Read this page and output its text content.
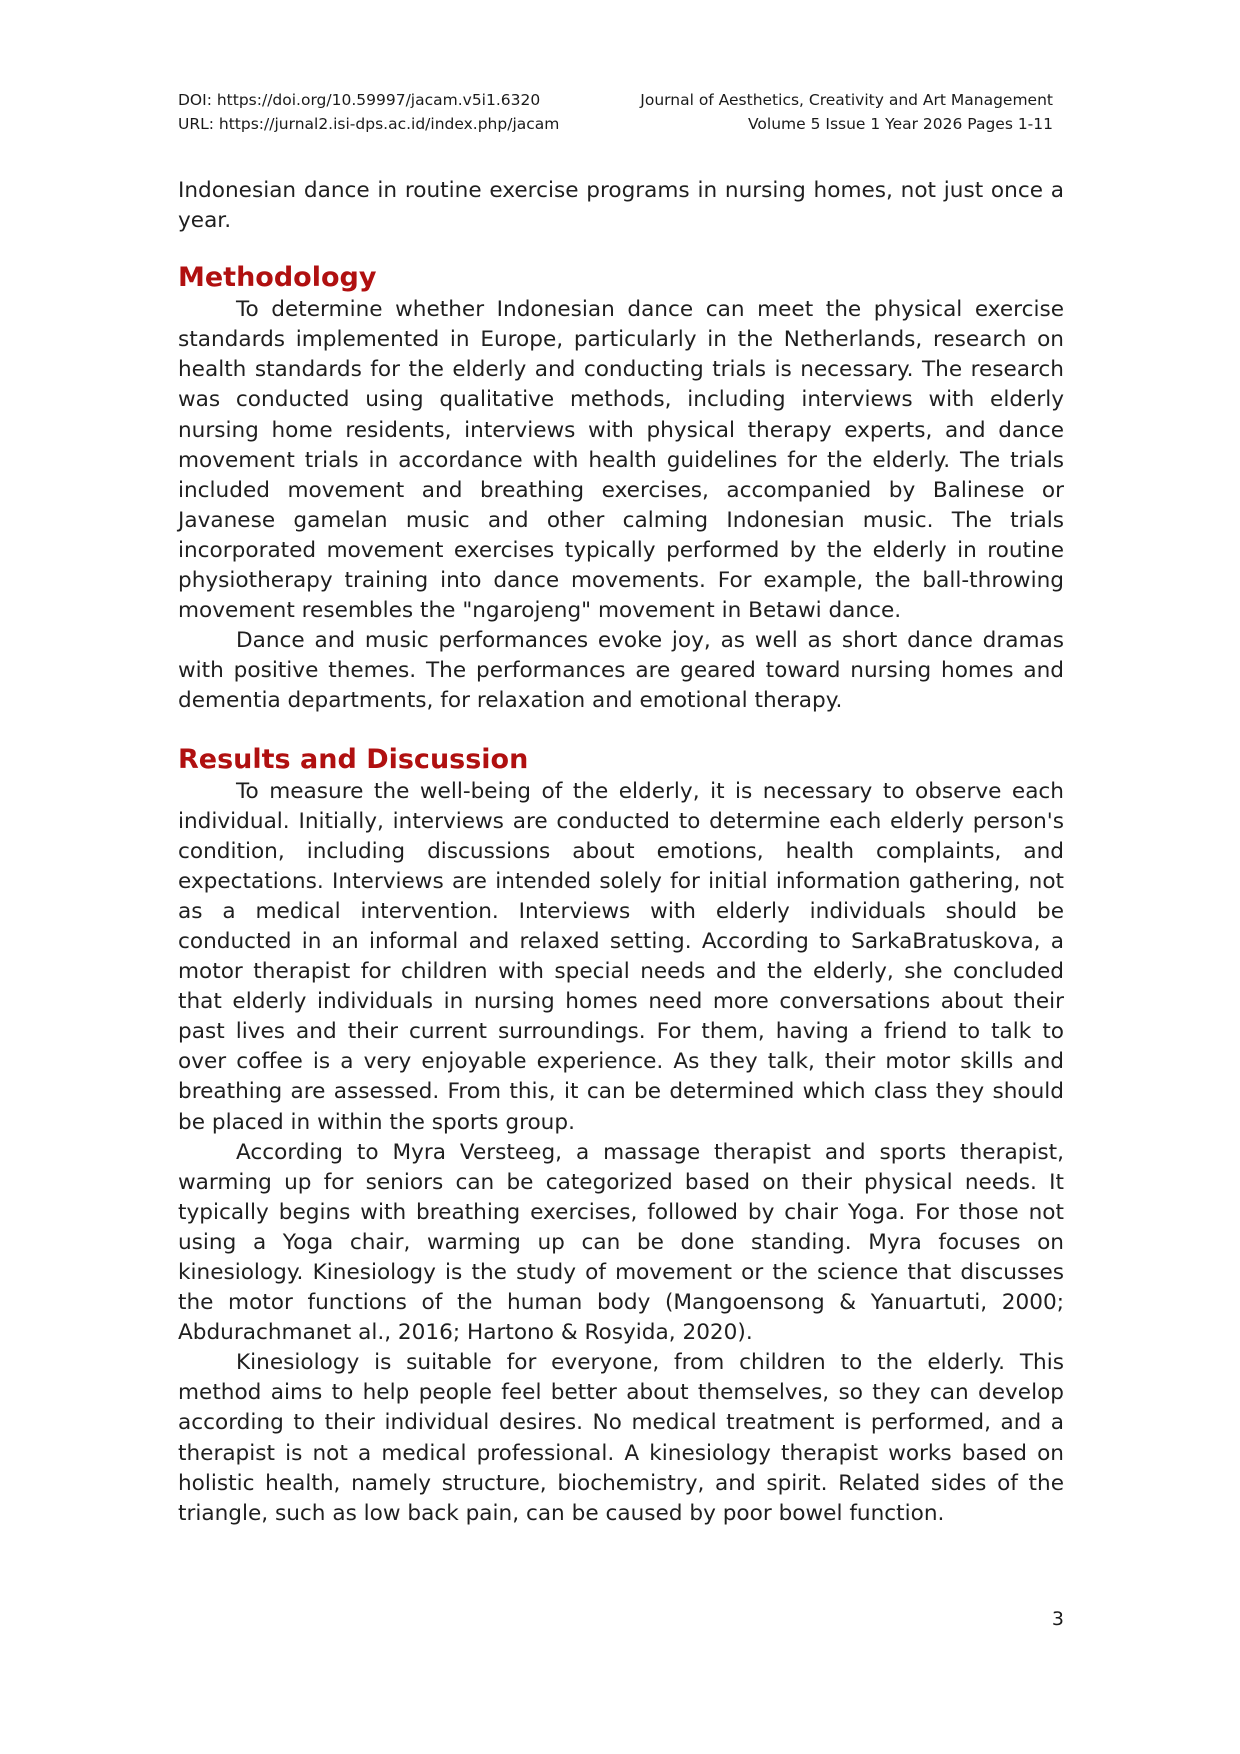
DOI: https://doi.org/10.59997/jacam.v5i1.6320
URL: https://jurnal2.isi-dps.ac.id/index.php/jacam
Journal of Aesthetics, Creativity and Art Management
Volume 5 Issue 1 Year 2026 Pages 1-11

Indonesian dance in routine exercise programs in nursing homes, not just once a year.

Methodology

To determine whether Indonesian dance can meet the physical exercise standards implemented in Europe, particularly in the Netherlands, research on health standards for the elderly and conducting trials is necessary. The research was conducted using qualitative methods, including interviews with elderly nursing home residents, interviews with physical therapy experts, and dance movement trials in accordance with health guidelines for the elderly. The trials included movement and breathing exercises, accompanied by Balinese or Javanese gamelan music and other calming Indonesian music. The trials incorporated movement exercises typically performed by the elderly in routine physiotherapy training into dance movements. For example, the ball-throwing movement resembles the "ngarojeng" movement in Betawi dance.

Dance and music performances evoke joy, as well as short dance dramas with positive themes. The performances are geared toward nursing homes and dementia departments, for relaxation and emotional therapy.

Results and Discussion

To measure the well-being of the elderly, it is necessary to observe each individual. Initially, interviews are conducted to determine each elderly person's condition, including discussions about emotions, health complaints, and expectations. Interviews are intended solely for initial information gathering, not as a medical intervention. Interviews with elderly individuals should be conducted in an informal and relaxed setting. According to SarkaBratuskova, a motor therapist for children with special needs and the elderly, she concluded that elderly individuals in nursing homes need more conversations about their past lives and their current surroundings. For them, having a friend to talk to over coffee is a very enjoyable experience. As they talk, their motor skills and breathing are assessed. From this, it can be determined which class they should be placed in within the sports group.

According to Myra Versteeg, a massage therapist and sports therapist, warming up for seniors can be categorized based on their physical needs. It typically begins with breathing exercises, followed by chair Yoga. For those not using a Yoga chair, warming up can be done standing. Myra focuses on kinesiology. Kinesiology is the study of movement or the science that discusses the motor functions of the human body (Mangoensong & Yanuartuti, 2000; Abdurachmanet al., 2016; Hartono & Rosyida, 2020).

Kinesiology is suitable for everyone, from children to the elderly. This method aims to help people feel better about themselves, so they can develop according to their individual desires. No medical treatment is performed, and a therapist is not a medical professional. A kinesiology therapist works based on holistic health, namely structure, biochemistry, and spirit. Related sides of the triangle, such as low back pain, can be caused by poor bowel function.

3
